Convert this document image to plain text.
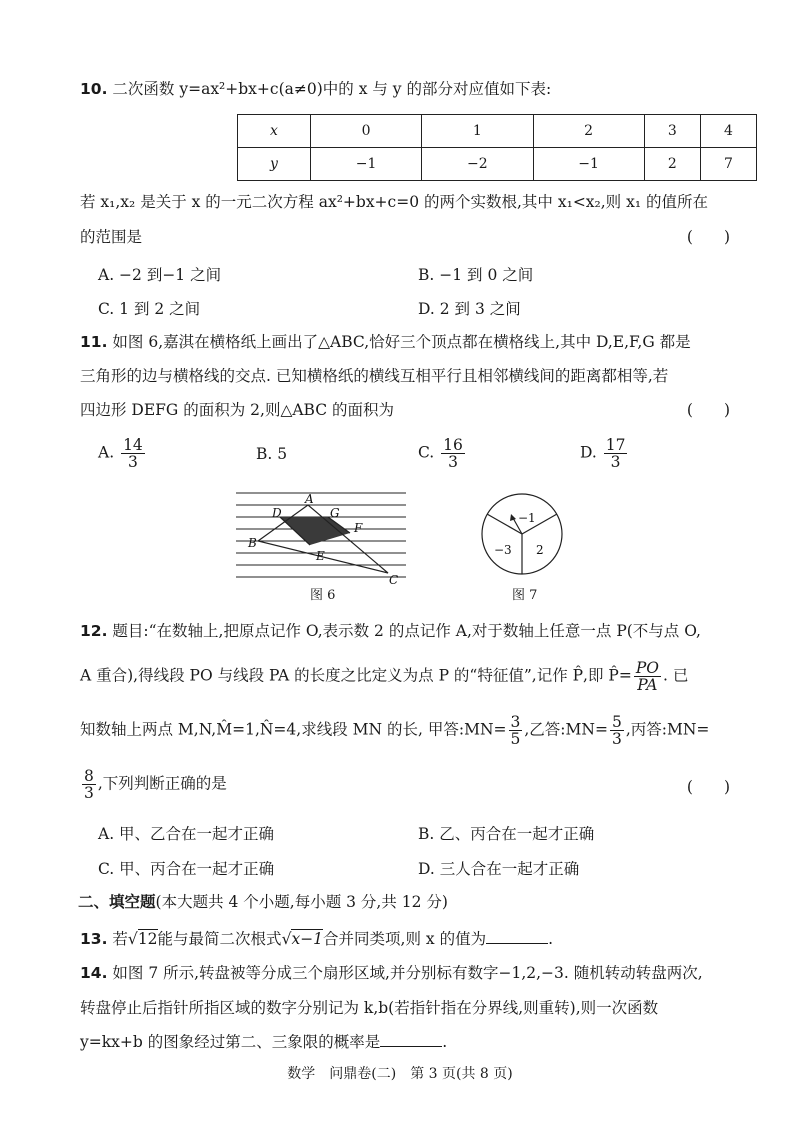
10. 二次函数 y=ax²+bx+c(a≠0)中的 x 与 y 的部分对应值如下表:
x	0	1	2	3	4
y	−1	−2	−1	2	7
若 x₁,x₂ 是关于 x 的一元二次方程 ax²+bx+c=0 的两个实数根,其中 x₁<x₂,则 x₁ 的值所在
的范围是	(　　)
A. −2 到−1 之间	B. −1 到 0 之间
C. 1 到 2 之间	D. 2 到 3 之间
11. 如图 6,嘉淇在横格纸上画出了△ABC,恰好三个顶点都在横格线上,其中 D,E,F,G 都是
三角形的边与横格线的交点. 已知横格纸的横线互相平行且相邻横线间的距离都相等,若
四边形 DEFG 的面积为 2,则△ABC 的面积为	(　　)
A. $\frac{14}{3}$	B. 5	C. $\frac{16}{3}$	D. $\frac{17}{3}$
A
D	G
F
B
E
C
图 6
−1
−3 2
图 7
12. 题目:“在数轴上,把原点记作 O,表示数 2 的点记作 A,对于数轴上任意一点 P(不与点 O,
A 重合),得线段 PO 与线段 PA 的长度之比定义为点 P 的“特征值”,记作 P̂,即 P̂= $\frac{PO}{PA}$ . 已
知数轴上两点 M,N,M̂=1,N̂=4,求线段 MN 的长, 甲答:MN= $\frac{3}{5}$ ,乙答:MN= $\frac{5}{3}$ ,丙答:MN=
$\frac{8}{3}$ ,下列判断正确的是	(　　)
A. 甲、乙合在一起才正确	B. 乙、丙合在一起才正确
C. 甲、丙合在一起才正确	D. 三人合在一起才正确
二、填空题(本大题共 4 个小题,每小题 3 分,共 12 分)
13. 若√12能与最简二次根式√x−1合并同类项,则 x 的值为	.
14. 如图 7 所示,转盘被等分成三个扇形区域,并分别标有数字−1,2,−3. 随机转动转盘两次,
转盘停止后指针所指区域的数字分别记为 k,b(若指针指在分界线,则重转),则一次函数
y=kx+b 的图象经过第二、三象限的概率是	.
数学　问鼎卷(二)　第 3 页(共 8 页)
